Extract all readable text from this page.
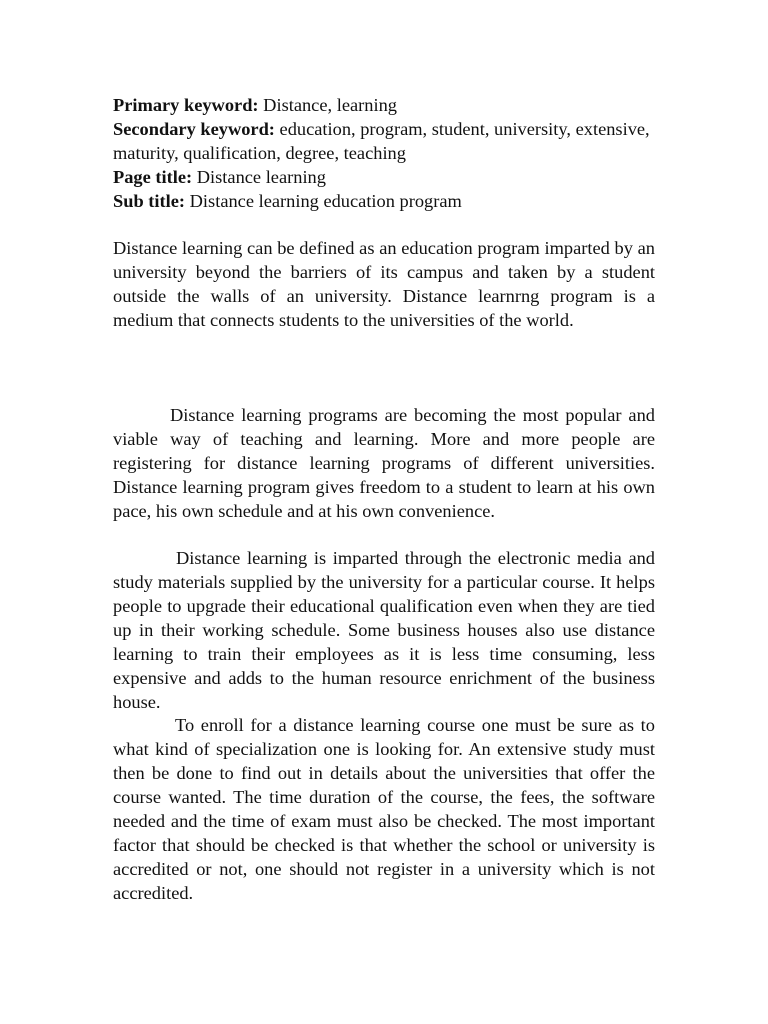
Primary keyword: Distance, learning

Secondary keyword: education, program, student, university, extensive, maturity, qualification, degree, teaching

Page title: Distance learning

Sub title: Distance learning education program

Distance learning can be defined as an education program imparted by an university beyond the barriers of its campus and taken by a student outside the walls of an university. Distance learnrng program is a medium that connects students to the universities of the world.

Distance learning programs are becoming the most popular and viable way of teaching and learning. More and more people are registering for distance learning programs of different universities. Distance learning program gives freedom to a student to learn at his own pace, his own schedule and at his own convenience.

Distance learning is imparted through the electronic media and study materials supplied by the university for a particular course. It helps people to upgrade their educational qualification even when they are tied up in their working schedule. Some business houses also use distance learning to train their employees as it is less time consuming, less expensive and adds to the human resource enrichment of the business house.

To enroll for a distance learning course one must be sure as to what kind of specialization one is looking for. An extensive study must then be done to find out in details about the universities that offer the course wanted. The time duration of the course, the fees, the software needed and the time of exam must also be checked. The most important factor that should be checked is that whether the school or university is accredited or not, one should not register in a university which is not accredited.
